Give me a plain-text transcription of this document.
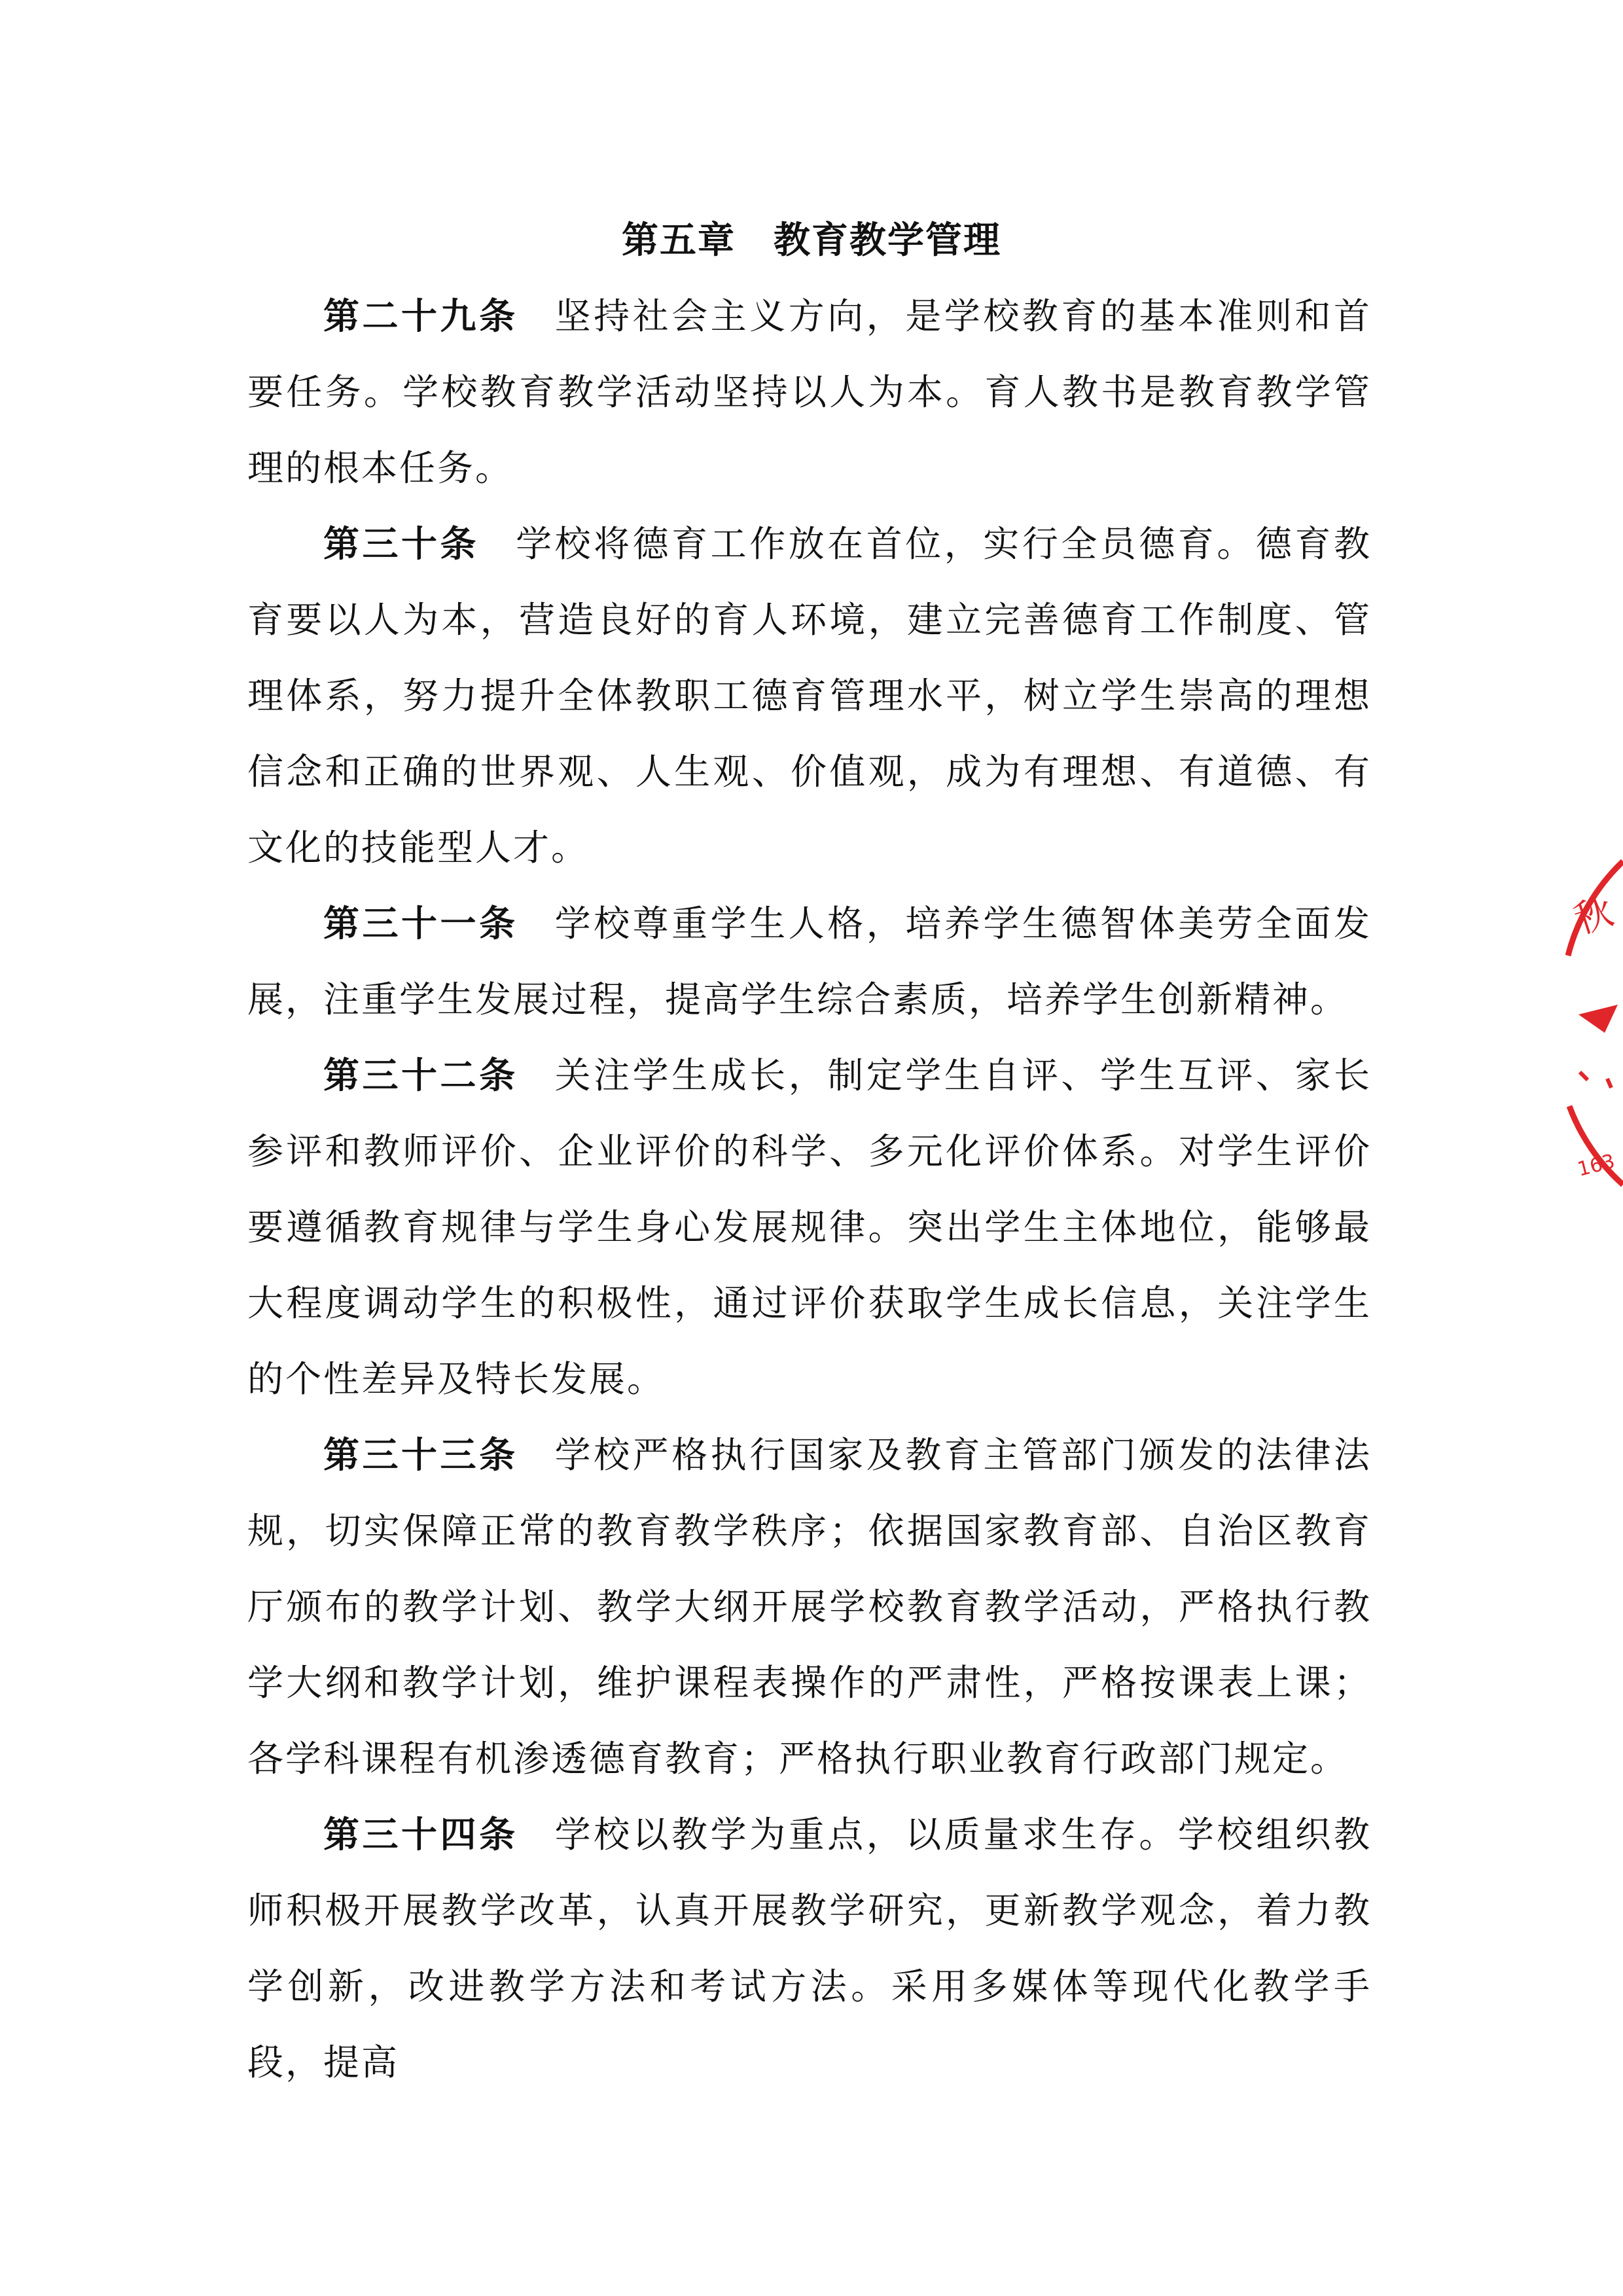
第五章　教育教学管理

第二十九条 坚持社会主义方向，是学校教育的基本准则和首要任务。学校教育教学活动坚持以人为本。育人教书是教育教学管理的根本任务。

第三十条 学校将德育工作放在首位，实行全员德育。德育教育要以人为本，营造良好的育人环境，建立完善德育工作制度、管理体系，努力提升全体教职工德育管理水平，树立学生崇高的理想信念和正确的世界观、人生观、价值观，成为有理想、有道德、有文化的技能型人才。

第三十一条 学校尊重学生人格，培养学生德智体美劳全面发展，注重学生发展过程，提高学生综合素质，培养学生创新精神。

第三十二条 关注学生成长，制定学生自评、学生互评、家长参评和教师评价、企业评价的科学、多元化评价体系。对学生评价要遵循教育规律与学生身心发展规律。突出学生主体地位，能够最大程度调动学生的积极性，通过评价获取学生成长信息，关注学生的个性差异及特长发展。

第三十三条 学校严格执行国家及教育主管部门颁发的法律法规，切实保障正常的教育教学秩序；依据国家教育部、自治区教育厅颁布的教学计划、教学大纲开展学校教育教学活动，严格执行教学大纲和教学计划，维护课程表操作的严肃性，严格按课表上课；各学科课程有机渗透德育教育；严格执行职业教育行政部门规定。

第三十四条 学校以教学为重点，以质量求生存。学校组织教师积极开展教学改革，认真开展教学研究，更新教学观念，着力教学创新，改进教学方法和考试方法。采用多媒体等现代化教学手段，提高

秋
163
